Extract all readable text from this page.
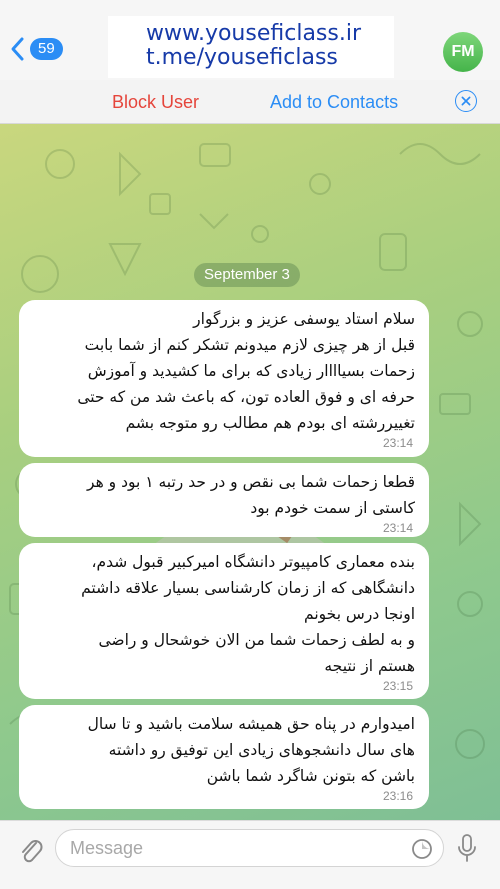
59
www.youseficlass.ir
t.me/youseficlass	FM
Block User	Add to Contacts
September 3
سلام استاد یوسفی عزیز و بزرگوار
قبل از هر چیزی لازم میدونم تشکر کنم از شما بابت
زحمات بسیاااار زیادی که برای ما کشیدید و آموزش
حرفه ای و فوق العاده تون، که باعث شد من که حتی
تغییررشته ای بودم هم مطالب رو متوجه بشم
23:14
قطعا زحمات شما بی نقص و در حد رتبه ۱ بود و هر
کاستی از سمت خودم بود
23:14
بنده معماری کامپیوتر دانشگاه امیرکبیر قبول شدم،
دانشگاهی که از زمان کارشناسی بسیار علاقه داشتم
اونجا درس بخونم
و به لطف زحمات شما من الان خوشحال و راضی
هستم از نتیجه
23:15
امیدوارم در پناه حق همیشه سلامت باشید و تا سال
های سال دانشجوهای زیادی این توفیق رو داشته
باشن که بتونن شاگرد شما باشن
23:16
Message
